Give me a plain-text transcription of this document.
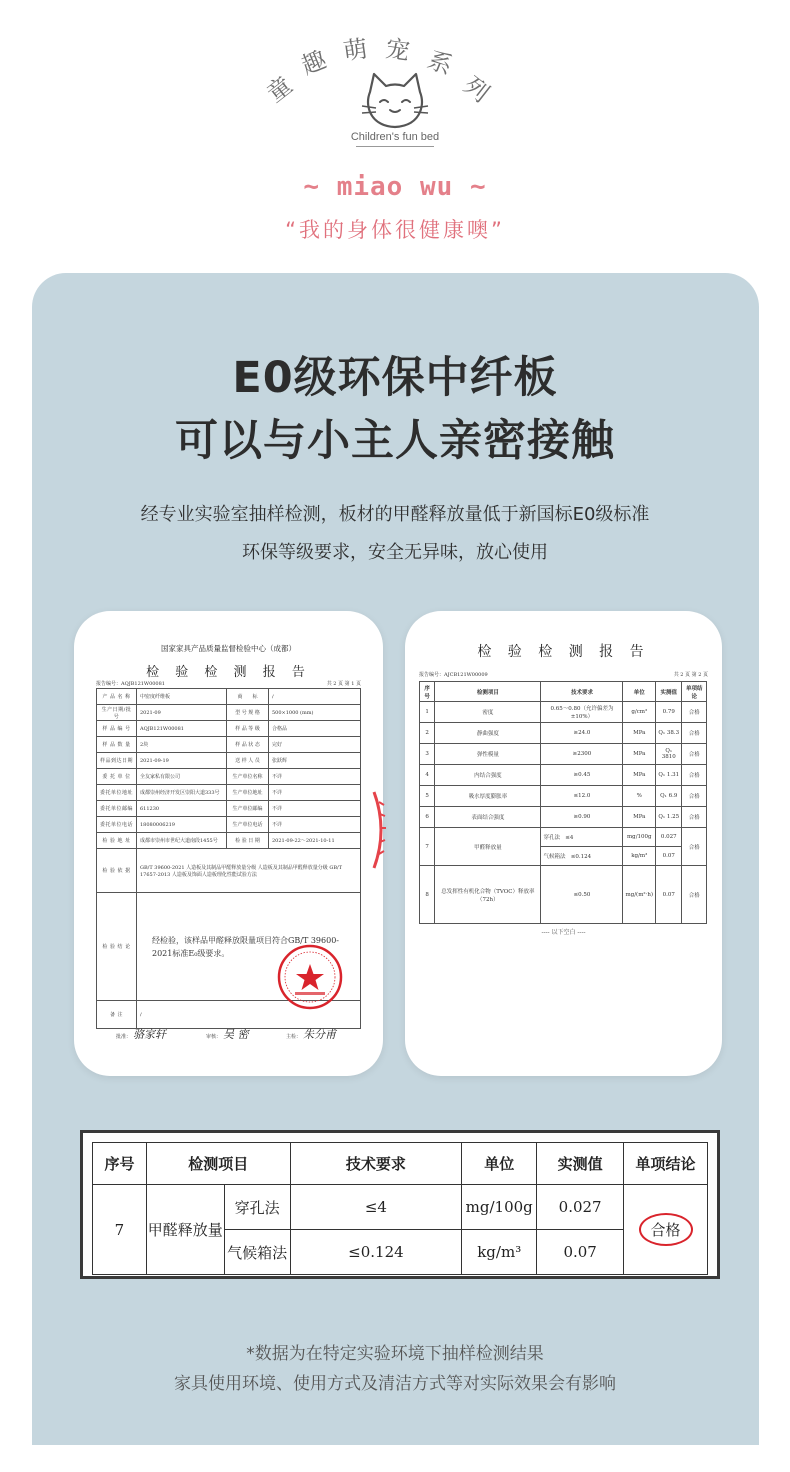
童
趣 萌 宠 系
列
Children's fun bed
~ miao wu ~
“我的身体很健康噢”
E0级环保中纤板
可以与小主人亲密接触
经专业实验室抽样检测，板材的甲醛释放量低于新国标E0级标准
环保等级要求，安全无异味，放心使用
国家家具产品质量监督检验中心（成都）
检 验 检 测 报 告
报告编号：AQJB121W00081	共 2 页 第 1 页
产 品 名 称	中密度纤维板	商　　标	/
生产日期/批号	2021-09	型 号 规 格	500×1000 (mm)
样 品 编 号	AQJB121W00081	样 品 等 级	合格品
样 品 数 量	2块	样 品 状 态	完好
样品到达日期	2021-09-19	送 样 人 员	张跃辉
委 托 单 位	全友家私有限公司	生产单位名称	不详
委托单位地址	成都崇州经济开发区崇阳大道333号	生产单位地址	不详
委托单位邮编	611230	生产单位邮编	不详
委托单位电话	18080006219	生产单位电话	不详
检 验 地 址	成都市崇州市世纪大道南段1455号	检 验 日 期	2021-09-22～2021-10-11
检 验 依 据	GB/T 39600-2021 人造板及其制品甲醛释放量分级 人造板及其制品甲醛释放量分级 GB/T 17657-2013 人造板及饰面人造板理化性能试验方法		
检 验 结 论	经检验，该样品甲醛释放限量项目符合GB/T 39600-2021标准E₀级要求。		

备 注	/		
批准： 骆家轩	审核： 吴 密	主检： 朱分甫
检 验 检 测 报 告
报告编号：AJCB121W00009	共 2 页 第 2 页
序号	检测项目	技术要求	单位	实测值	单项结论
1	密度	0.65～0.80（允许偏差为±10%）	g/cm³	0.79	合格
2	静曲强度	≥24.0	MPa	Q₁ 38.3	合格
3	弹性模量	≥2300	MPa	Q₁ 3810	合格
4	内结合强度	≥0.45	MPa	Q₁ 1.31	合格
5	吸水厚度膨胀率	≤12.0	%	Q₁ 6.9	合格
6	表面结合强度	≥0.90	MPa	Q₁ 1.25	合格
7	甲醛释放量	穿孔法 ≤4	mg/100g	0.027	合格
		气候箱法 ≤0.124	kg/m³	0.07	
8	总发挥性有机化合物（TVOC）释放率（72h）	≤0.50	mg/(m²·h)	0.07	合格
---- 以下空白 ----
序号	检测项目		技术要求	单位	实测值	单项结论
7	甲醛释放量	穿孔法	≤4	mg/100g	0.027	合格
		气候箱法	≤0.124	kg/m³	0.07	
*数据为在特定实验环境下抽样检测结果
家具使用环境、使用方式及清洁方式等对实际效果会有影响
